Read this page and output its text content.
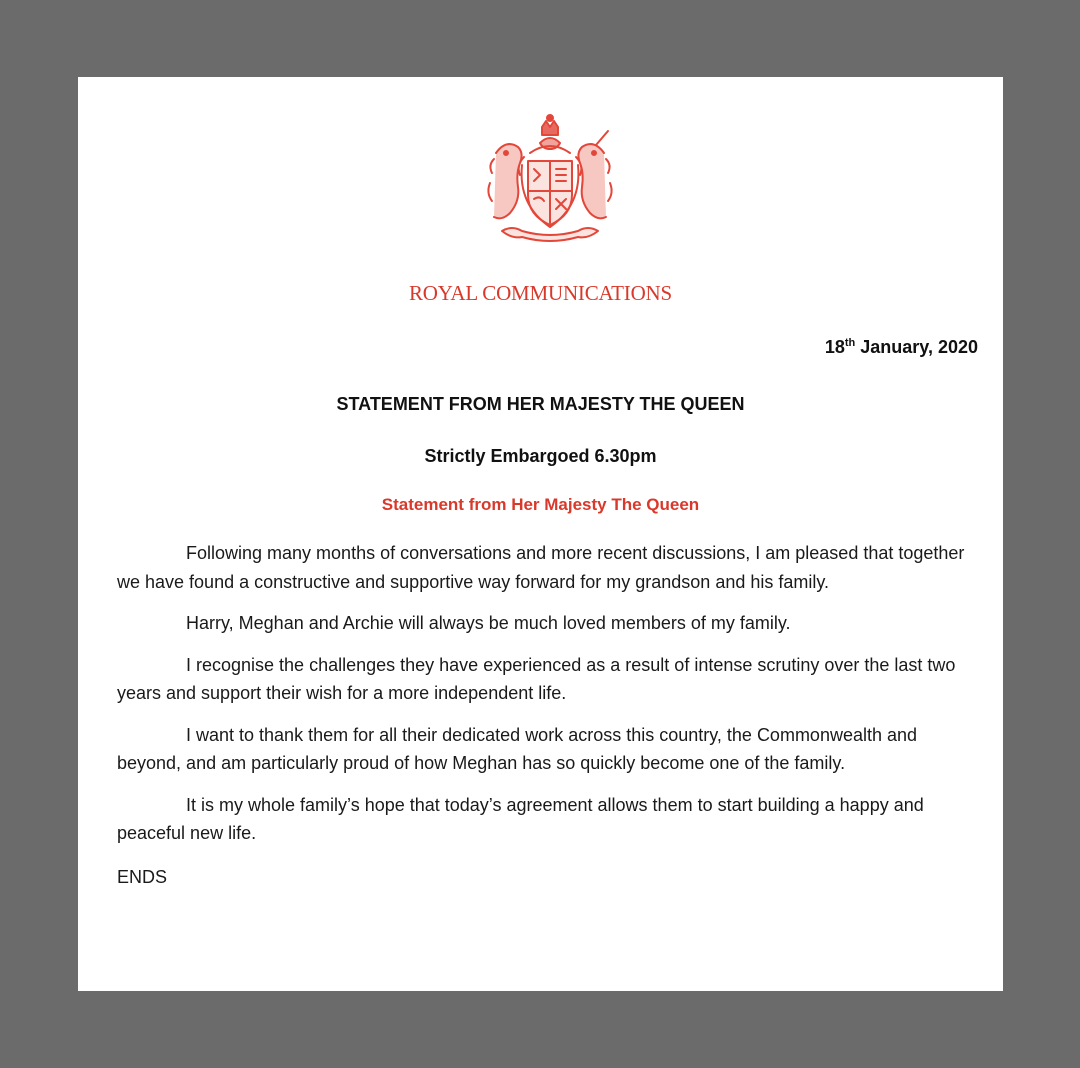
ROYAL COMMUNICATIONS
18th January, 2020
STATEMENT FROM HER MAJESTY THE QUEEN
Strictly Embargoed 6.30pm
Statement from Her Majesty The Queen

Following many months of conversations and more recent discussions, I am pleased that together we have found a constructive and supportive way forward for my grandson and his family.

Harry, Meghan and Archie will always be much loved members of my family.

I recognise the challenges they have experienced as a result of intense scrutiny over the last two years and support their wish for a more independent life.

I want to thank them for all their dedicated work across this country, the Commonwealth and beyond, and am particularly proud of how Meghan has so quickly become one of the family.

It is my whole family’s hope that today’s agreement allows them to start building a happy and peaceful new life.

ENDS
